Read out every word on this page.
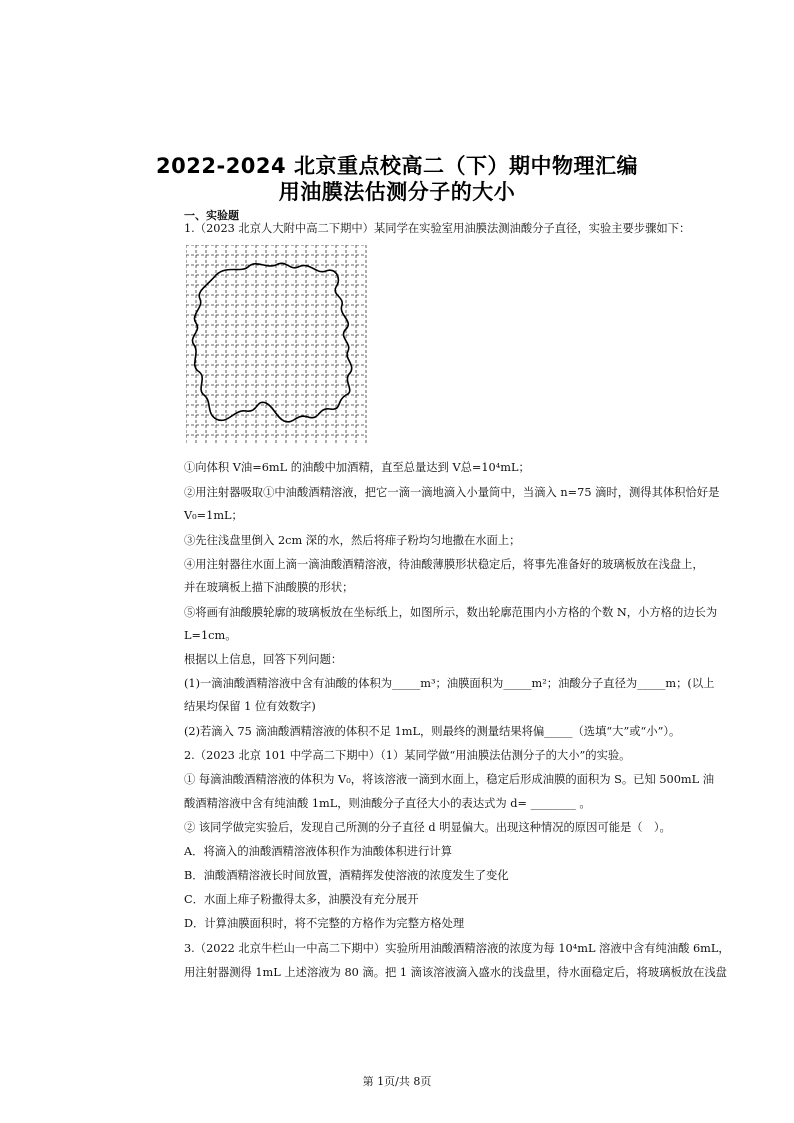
2022-2024 北京重点校高二（下）期中物理汇编
用油膜法估测分子的大小
一、实验题
1.（2023 北京人大附中高二下期中）某同学在实验室用油膜法测油酸分子直径，实验主要步骤如下：
①向体积 V油=6mL 的油酸中加酒精，直至总量达到 V总=10⁴mL；
②用注射器吸取①中油酸酒精溶液，把它一滴一滴地滴入小量筒中，当滴入 n=75 滴时，测得其体积恰好是
V₀=1mL；
③先往浅盘里倒入 2cm 深的水，然后将痱子粉均匀地撒在水面上；
④用注射器往水面上滴一滴油酸酒精溶液，待油酸薄膜形状稳定后，将事先准备好的玻璃板放在浅盘上，
并在玻璃板上描下油酸膜的形状；
⑤将画有油酸膜轮廓的玻璃板放在坐标纸上，如图所示，数出轮廓范围内小方格的个数 N，小方格的边长为
L=1cm。
根据以上信息，回答下列问题：
(1)一滴油酸酒精溶液中含有油酸的体积为_____m³；油膜面积为_____m²；油酸分子直径为_____m；(以上
结果均保留 1 位有效数字)
(2)若滴入 75 滴油酸酒精溶液的体积不足 1mL，则最终的测量结果将偏_____（选填“大”或“小”）。
2.（2023 北京 101 中学高二下期中）（1）某同学做“用油膜法估测分子的大小”的实验。
① 每滴油酸酒精溶液的体积为 V₀，将该溶液一滴到水面上，稳定后形成油膜的面积为 S。已知 500mL 油
酸酒精溶液中含有纯油酸 1mL，则油酸分子直径大小的表达式为 d= ________ 。
② 该同学做完实验后，发现自己所测的分子直径 d 明显偏大。出现这种情况的原因可能是（　）。
A．将滴入的油酸酒精溶液体积作为油酸体积进行计算
B．油酸酒精溶液长时间放置，酒精挥发使溶液的浓度发生了变化
C．水面上痱子粉撒得太多，油膜没有充分展开
D．计算油膜面积时，将不完整的方格作为完整方格处理
3.（2022 北京牛栏山一中高二下期中）实验所用油酸酒精溶液的浓度为每 10⁴mL 溶液中含有纯油酸 6mL，
用注射器测得 1mL 上述溶液为 80 滴。把 1 滴该溶液滴入盛水的浅盘里，待水面稳定后，将玻璃板放在浅盘
第 1页/共 8页
